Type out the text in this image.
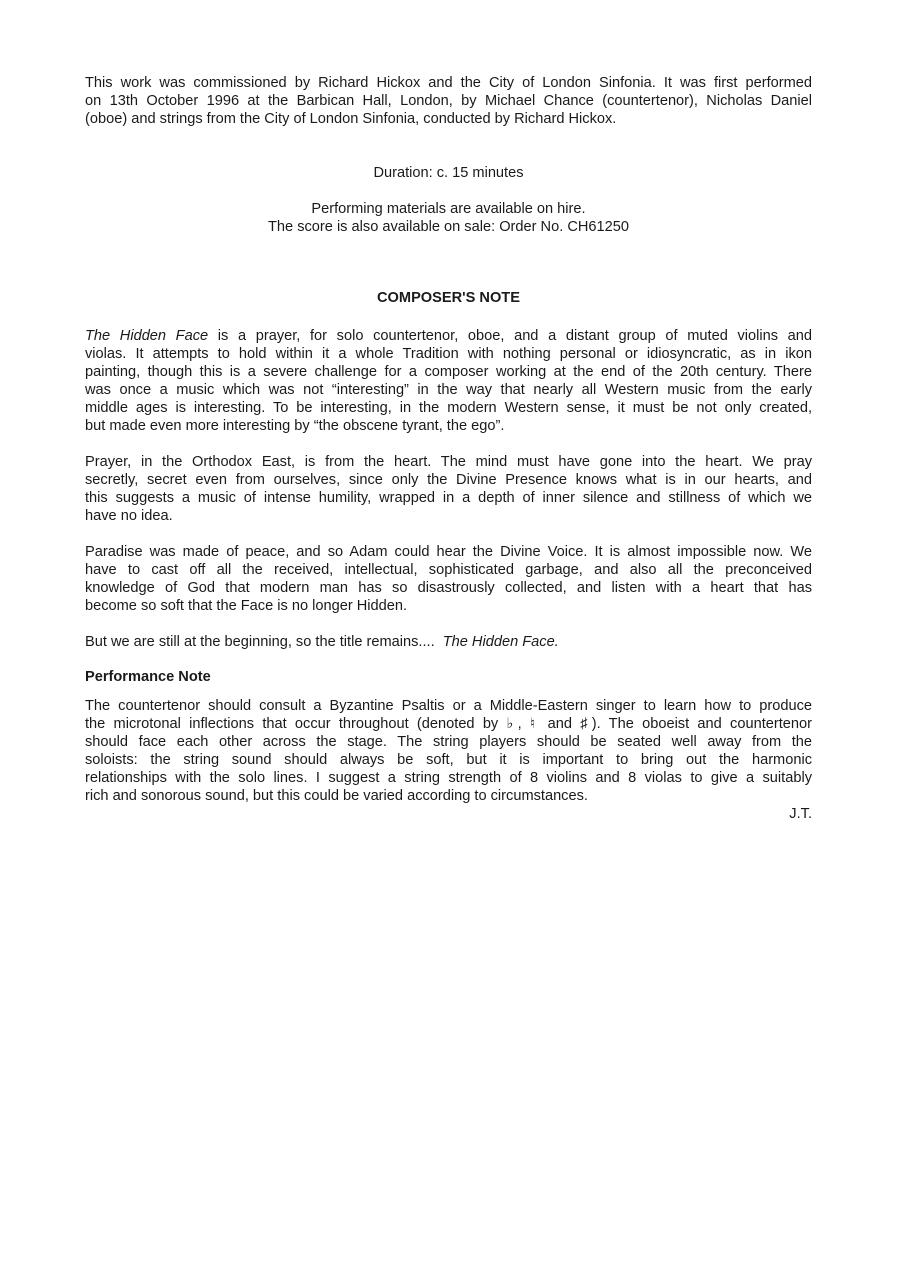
This work was commissioned by Richard Hickox and the City of London Sinfonia. It was first performed
on 13th October 1996 at the Barbican Hall, London, by Michael Chance (countertenor), Nicholas Daniel
(oboe) and strings from the City of London Sinfonia, conducted by Richard Hickox.
Duration: c. 15 minutes
Performing materials are available on hire.
The score is also available on sale: Order No. CH61250
COMPOSER'S NOTE
The Hidden Face is a prayer, for solo countertenor, oboe, and a distant group of muted violins and
violas. It attempts to hold within it a whole Tradition with nothing personal or idiosyncratic, as in ikon
painting, though this is a severe challenge for a composer working at the end of the 20th century. There
was once a music which was not “interesting” in the way that nearly all Western music from the early
middle ages is interesting. To be interesting, in the modern Western sense, it must be not only created,
but made even more interesting by “the obscene tyrant, the ego”.
Prayer, in the Orthodox East, is from the heart. The mind must have gone into the heart. We pray
secretly, secret even from ourselves, since only the Divine Presence knows what is in our hearts, and
this suggests a music of intense humility, wrapped in a depth of inner silence and stillness of which we
have no idea.
Paradise was made of peace, and so Adam could hear the Divine Voice. It is almost impossible now. We
have to cast off all the received, intellectual, sophisticated garbage, and also all the preconceived
knowledge of God that modern man has so disastrously collected, and listen with a heart that has
become so soft that the Face is no longer Hidden.
But we are still at the beginning, so the title remains....  The Hidden Face.
Performance Note
The countertenor should consult a Byzantine Psaltis or a Middle-Eastern singer to learn how to produce
the microtonal inflections that occur throughout (denoted by ♭, ♮ and ♯). The oboeist and countertenor
should face each other across the stage. The string players should be seated well away from the
soloists: the string sound should always be soft, but it is important to bring out the harmonic
relationships with the solo lines. I suggest a string strength of 8 violins and 8 violas to give a suitably
rich and sonorous sound, but this could be varied according to circumstances.
J.T.
